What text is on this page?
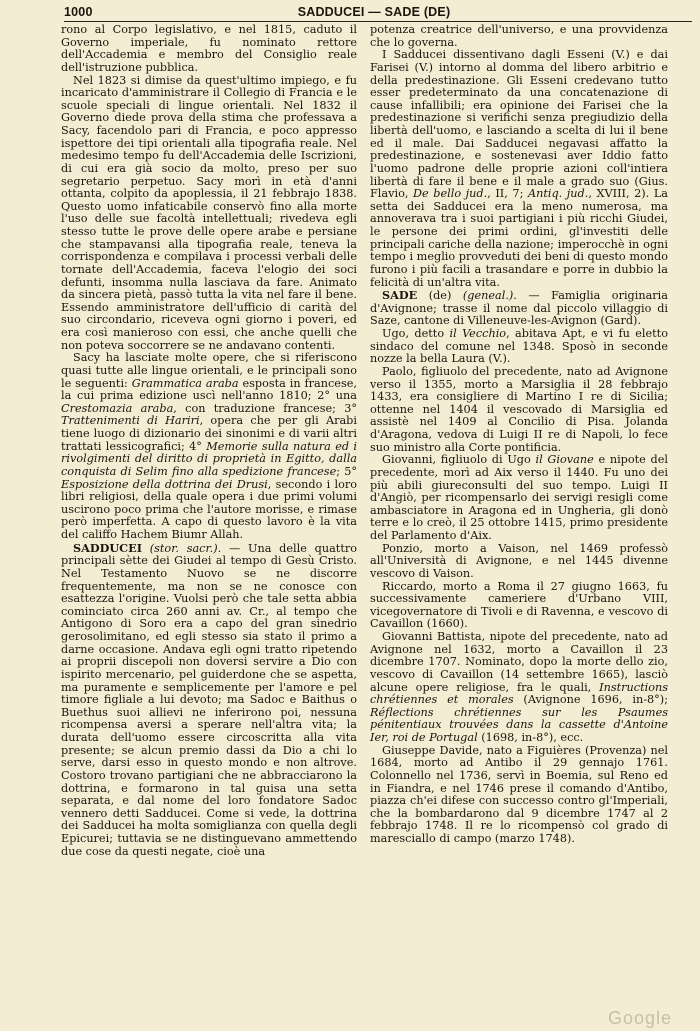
1000	SADDUCEI — SADE (DE)

rono al Corpo legislativo, e nel 1815, caduto il Governo imperiale, fu nominato rettore dell'Accademia e membro del Consiglio reale dell'istruzione pubblica.

Nel 1823 si dimise da quest'ultimo impiego, e fu incaricato d'amministrare il Collegio di Francia e le scuole speciali di lingue orientali. Nel 1832 il Governo diede prova della stima che professava a Sacy, facendolo pari di Francia, e poco appresso ispettore dei tipi orientali alla tipografia reale. Nel medesimo tempo fu dell'Accademia delle Iscrizioni, di cui era già socio da molto, preso per suo segretario perpetuo. Sacy morì in età d'anni ottanta, colpito da apoplessia, il 21 febbrajo 1838. Questo uomo infaticabile conservò fino alla morte l'uso delle sue facoltà intellettuali; rivedeva egli stesso tutte le prove delle opere arabe e persiane che stampavansi alla tipografia reale, teneva la corrispondenza e compilava i processi verbali delle tornate dell'Accademia, faceva l'elogio dei soci defunti, insomma nulla lasciava da fare. Animato da sincera pietà, passò tutta la vita nel fare il bene. Essendo amministratore dell'ufficio di carità del suo circondario, riceveva ogni giorno i poveri, ed era così manieroso con essi, che anche quelli che non poteva soccorrere se ne andavano contenti.

Sacy ha lasciate molte opere, che si riferiscono quasi tutte alle lingue orientali, e le principali sono le seguenti: Grammatica araba esposta in francese, la cui prima edizione uscì nell'anno 1810; 2° una Crestomazia araba, con traduzione francese; 3° Trattenimenti di Hariri, opera che per gli Arabi tiene luogo di dizionario dei sinonimi e di varii altri trattati lessicografici; 4° Memorie sulla natura ed i rivolgimenti del diritto di proprietà in Egitto, dalla conquista di Selim fino alla spedizione francese; 5° Esposizione della dottrina dei Drusi, secondo i loro libri religiosi, della quale opera i due primi volumi uscirono poco prima che l'autore morisse, e rimase però imperfetta. A capo di questo lavoro è la vita del califfo Hachem Biumr Allah.

SADDUCEI (stor. sacr.). — Una delle quattro principali sètte dei Giudei al tempo di Gesù Cristo. Nel Testamento Nuovo se ne discorre frequentemente, ma non se ne conosce con esattezza l'origine. Vuolsi però che tale setta abbia cominciato circa 260 anni av. Cr., al tempo che Antigono di Soro era a capo del gran sinedrio gerosolimitano, ed egli stesso sia stato il primo a darne occasione. Andava egli ogni tratto ripetendo ai proprii discepoli non doversi servire a Dio con ispirito mercenario, pel guiderdone che se aspetta, ma puramente e semplicemente per l'amore e pel timore figliale a lui devoto; ma Sadoc e Baithus o Buethus suoi allievi ne inferirono poi, nessuna ricompensa aversi a sperare nell'altra vita; la durata dell'uomo essere circoscritta alla vita presente; se alcun premio dassi da Dio a chi lo serve, darsi esso in questo mondo e non altrove. Costoro trovano partigiani che ne abbracciarono la dottrina, e formarono in tal guisa una setta separata, e dal nome del loro fondatore Sadoc vennero detti Sadducei. Come si vede, la dottrina dei Sadducei ha molta somiglianza con quella degli Epicurei; tuttavia se ne distinguevano ammettendo due cose da questi negate, cioè una

potenza creatrice dell'universo, e una provvidenza che lo governa.

I Sadducei dissentivano dagli Esseni (V.) e dai Farisei (V.) intorno al domma del libero arbitrio e della predestinazione. Gli Esseni credevano tutto esser predeterminato da una concatenazione di cause infallibili; era opinione dei Farisei che la predestinazione si verifichi senza pregiudizio della libertà dell'uomo, e lasciando a scelta di lui il bene ed il male. Dai Sadducei negavasi affatto la predestinazione, e sostenevasi aver Iddio fatto l'uomo padrone delle proprie azioni coll'intiera libertà di fare il bene e il male a grado suo (Gius. Flavio, De bello jud., II, 7; Antiq. jud., XVIII, 2). La setta dei Sadducei era la meno numerosa, ma annoverava tra i suoi partigiani i più ricchi Giudei, le persone dei primi ordini, gl'investiti delle principali cariche della nazione; imperocchè in ogni tempo i meglio provveduti dei beni di questo mondo furono i più facili a trasandare e porre in dubbio la felicità di un'altra vita.

SADE (de) (geneal.). — Famiglia originaria d'Avignone; trasse il nome dal piccolo villaggio di Saze, cantone di Villeneuve-les-Avignon (Gard).

Ugo, detto il Vecchio, abitava Apt, e vi fu eletto sindaco del comune nel 1348. Sposò in seconde nozze la bella Laura (V.).

Paolo, figliuolo del precedente, nato ad Avignone verso il 1355, morto a Marsiglia il 28 febbrajo 1433, era consigliere di Martino I re di Sicilia; ottenne nel 1404 il vescovado di Marsiglia ed assistè nel 1409 al Concilio di Pisa. Jolanda d'Aragona, vedova di Luigi II re di Napoli, lo fece suo ministro alla Corte pontificia.

Giovanni, figliuolo di Ugo il Giovane e nipote del precedente, morì ad Aix verso il 1440. Fu uno dei più abili giureconsulti del suo tempo. Luigi II d'Angiò, per ricompensarlo dei servigi resigli come ambasciatore in Aragona ed in Ungheria, gli donò terre e lo creò, il 25 ottobre 1415, primo presidente del Parlamento d'Aix.

Ponzio, morto a Vaison, nel 1469 professò all'Università di Avignone, e nel 1445 divenne vescovo di Vaison.

Riccardo, morto a Roma il 27 giugno 1663, fu successivamente cameriere d'Urbano VIII, vicegovernatore di Tivoli e di Ravenna, e vescovo di Cavaillon (1660).

Giovanni Battista, nipote del precedente, nato ad Avignone nel 1632, morto a Cavaillon il 23 dicembre 1707. Nominato, dopo la morte dello zio, vescovo di Cavaillon (14 settembre 1665), lasciò alcune opere religiose, fra le quali, Instructions chrétiennes et morales (Avignone 1696, in-8°); Réflections chrétiennes sur les Psaumes pénitentiaux trouvées dans la cassette d'Antoine Ier, roi de Portugal (1698, in-8°), ecc.

Giuseppe Davide, nato a Figuières (Provenza) nel 1684, morto ad Antibo il 29 gennajo 1761. Colonnello nel 1736, servì in Boemia, sul Reno ed in Fiandra, e nel 1746 prese il comando d'Antibo, piazza ch'ei difese con successo contro gl'Imperiali, che la bombardarono dal 9 dicembre 1747 al 2 febbrajo 1748. Il re lo ricompensò col grado di maresciallo di campo (marzo 1748).

Google
